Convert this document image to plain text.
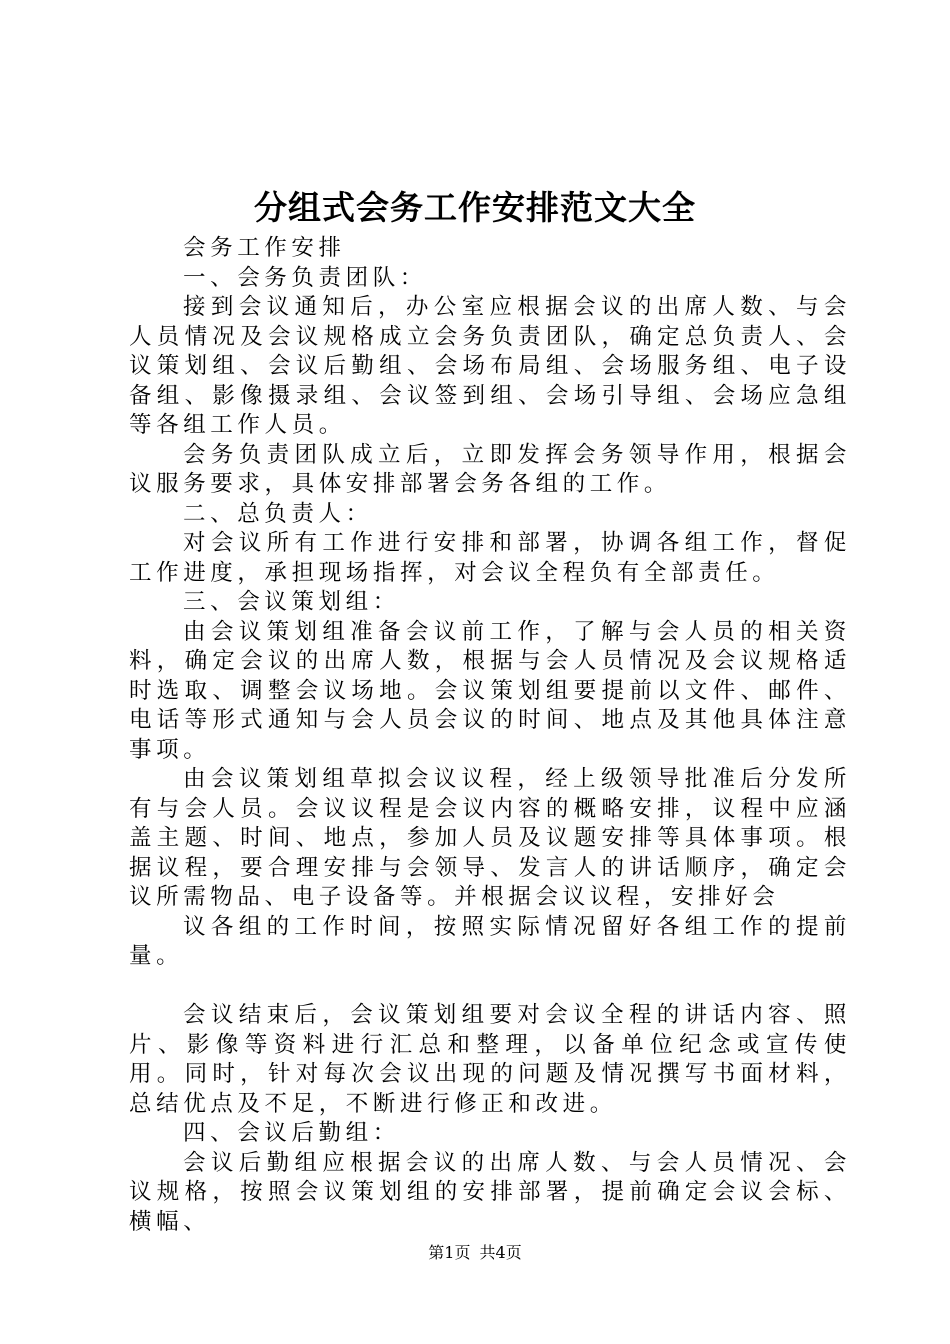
分组式会务工作安排范文大全

会务工作安排

一、会务负责团队：

接到会议通知后，办公室应根据会议的出席人数、与会人员情况及会议规格成立会务负责团队，确定总负责人、会议策划组、会议后勤组、会场布局组、会场服务组、电子设备组、影像摄录组、会议签到组、会场引导组、会场应急组等各组工作人员。

会务负责团队成立后，立即发挥会务领导作用，根据会议服务要求，具体安排部署会务各组的工作。

二、总负责人：

对会议所有工作进行安排和部署，协调各组工作，督促工作进度，承担现场指挥，对会议全程负有全部责任。

三、会议策划组：

由会议策划组准备会议前工作，了解与会人员的相关资料，确定会议的出席人数，根据与会人员情况及会议规格适时选取、调整会议场地。会议策划组要提前以文件、邮件、电话等形式通知与会人员会议的时间、地点及其他具体注意事项。

由会议策划组草拟会议议程，经上级领导批准后分发所有与会人员。会议议程是会议内容的概略安排，议程中应涵盖主题、时间、地点，参加人员及议题安排等具体事项。根据议程，要合理安排与会领导、发言人的讲话顺序，确定会议所需物品、电子设备等。并根据会议议程，安排好会

议各组的工作时间，按照实际情况留好各组工作的提前量。

会议结束后，会议策划组要对会议全程的讲话内容、照片、影像等资料进行汇总和整理，以备单位纪念或宣传使用。同时，针对每次会议出现的问题及情况撰写书面材料，总结优点及不足，不断进行修正和改进。

四、会议后勤组：

会议后勤组应根据会议的出席人数、与会人员情况、会议规格，按照会议策划组的安排部署，提前确定会议会标、横幅、

第1页 共4页
